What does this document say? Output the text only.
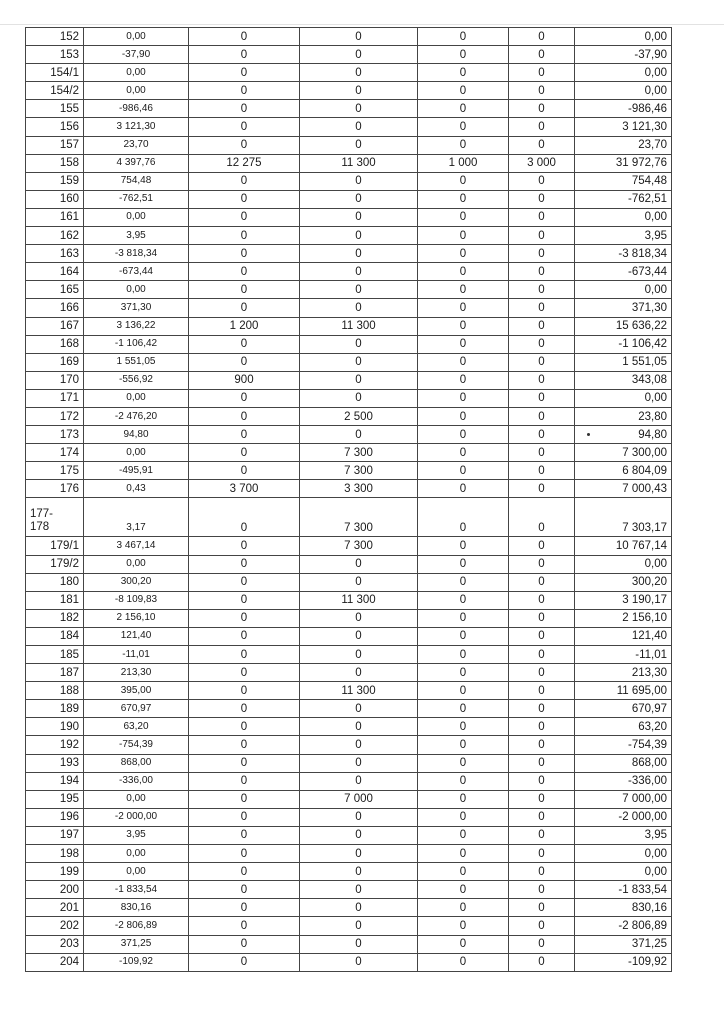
152	0,00	0	0	0	0	0,00
153	-37,90	0	0	0	0	-37,90
154/1	0,00	0	0	0	0	0,00
154/2	0,00	0	0	0	0	0,00
155	-986,46	0	0	0	0	-986,46
156	3 121,30	0	0	0	0	3 121,30
157	23,70	0	0	0	0	23,70
158	4 397,76	12 275	11 300	1 000	3 000	31 972,76
159	754,48	0	0	0	0	754,48
160	-762,51	0	0	0	0	-762,51
161	0,00	0	0	0	0	0,00
162	3,95	0	0	0	0	3,95
163	-3 818,34	0	0	0	0	-3 818,34
164	-673,44	0	0	0	0	-673,44
165	0,00	0	0	0	0	0,00
166	371,30	0	0	0	0	371,30
167	3 136,22	1 200	11 300	0	0	15 636,22
168	-1 106,42	0	0	0	0	-1 106,42
169	1 551,05	0	0	0	0	1 551,05
170	-556,92	900	0	0	0	343,08
171	0,00	0	0	0	0	0,00
172	-2 476,20	0	2 500	0	0	23,80
173	94,80	0	0	0	0	94,80
174	0,00	0	7 300	0	0	7 300,00
175	-495,91	0	7 300	0	0	6 804,09
176	0,43	3 700	3 300	0	0	7 000,43
177-
178	3,17	0	7 300	0	0	7 303,17
179/1	3 467,14	0	7 300	0	0	10 767,14
179/2	0,00	0	0	0	0	0,00
180	300,20	0	0	0	0	300,20
181	-8 109,83	0	11 300	0	0	3 190,17
182	2 156,10	0	0	0	0	2 156,10
184	121,40	0	0	0	0	121,40
185	-11,01	0	0	0	0	-11,01
187	213,30	0	0	0	0	213,30
188	395,00	0	11 300	0	0	11 695,00
189	670,97	0	0	0	0	670,97
190	63,20	0	0	0	0	63,20
192	-754,39	0	0	0	0	-754,39
193	868,00	0	0	0	0	868,00
194	-336,00	0	0	0	0	-336,00
195	0,00	0	7 000	0	0	7 000,00
196	-2 000,00	0	0	0	0	-2 000,00
197	3,95	0	0	0	0	3,95
198	0,00	0	0	0	0	0,00
199	0,00	0	0	0	0	0,00
200	-1 833,54	0	0	0	0	-1 833,54
201	830,16	0	0	0	0	830,16
202	-2 806,89	0	0	0	0	-2 806,89
203	371,25	0	0	0	0	371,25
204	-109,92	0	0	0	0	-109,92
